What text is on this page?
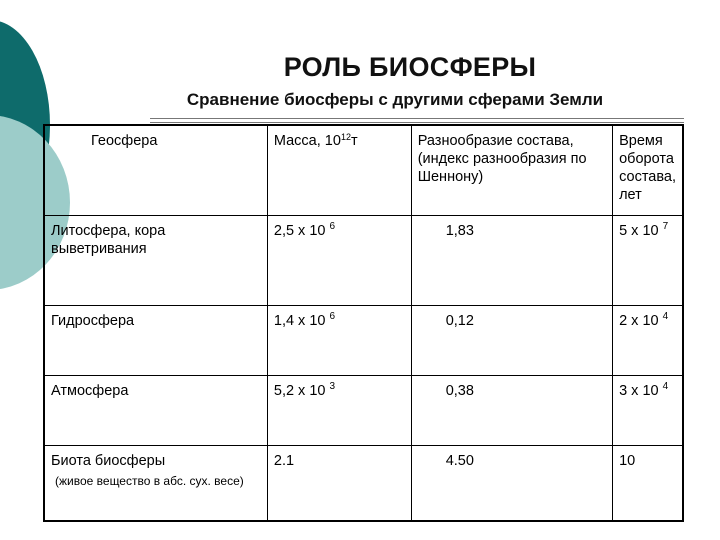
РОЛЬ БИОСФЕРЫ
Сравнение биосферы с другими сферами Земли
Геосфера	Масса, $10^{12}т$	Разнообразие состава, (индекс разнообразия по Шеннону)	Время оборота состава, лет
Литосфера, кора выветривания	2,5 х 10 $^6$	1,83	5 х 10 $^7$
Гидросфера	1,4 х 10 $^6$	0,12	2 х 10 $^4$
Атмосфера	5,2 х 10 $^3$	0,38	3 х 10 $^4$
Биота биосферы
(живое вещество в абс. сух. весе)	2.1	4.50	10
